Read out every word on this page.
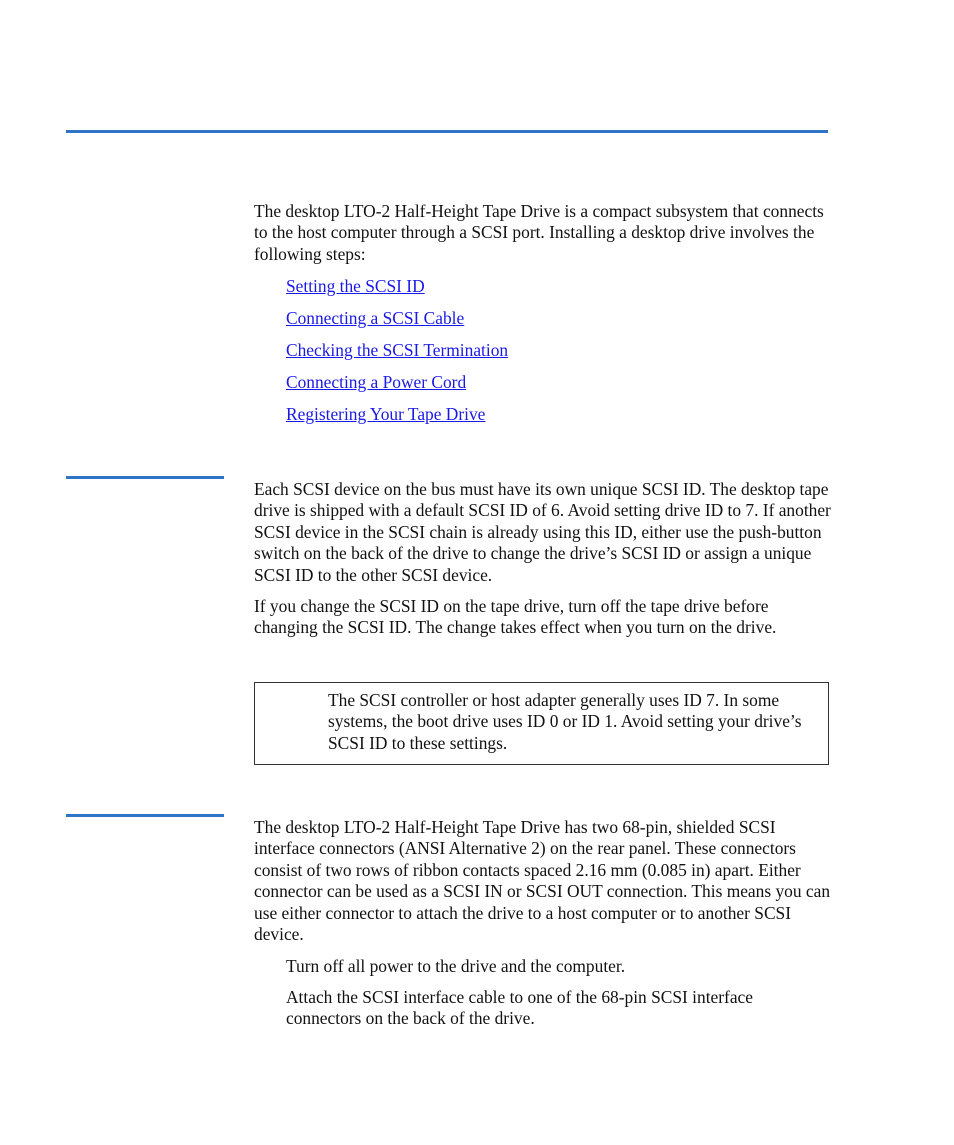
The desktop LTO-2 Half-Height Tape Drive is a compact subsystem that connects to the host computer through a SCSI port. Installing a desktop drive involves the following steps:

Setting the SCSI ID
Connecting a SCSI Cable
Checking the SCSI Termination
Connecting a Power Cord
Registering Your Tape Drive

Each SCSI device on the bus must have its own unique SCSI ID. The desktop tape drive is shipped with a default SCSI ID of 6. Avoid setting drive ID to 7. If another SCSI device in the SCSI chain is already using this ID, either use the push-button switch on the back of the drive to change the drive’s SCSI ID or assign a unique SCSI ID to the other SCSI device.

If you change the SCSI ID on the tape drive, turn off the tape drive before changing the SCSI ID. The change takes effect when you turn on the drive.

The SCSI controller or host adapter generally uses ID 7. In some systems, the boot drive uses ID 0 or ID 1. Avoid setting your drive’s SCSI ID to these settings.

The desktop LTO-2 Half-Height Tape Drive has two 68-pin, shielded SCSI interface connectors (ANSI Alternative 2) on the rear panel. These connectors consist of two rows of ribbon contacts spaced 2.16 mm (0.085 in) apart. Either connector can be used as a SCSI IN or SCSI OUT connection. This means you can use either connector to attach the drive to a host computer or to another SCSI device.

Turn off all power to the drive and the computer.

Attach the SCSI interface cable to one of the 68-pin SCSI interface connectors on the back of the drive.
